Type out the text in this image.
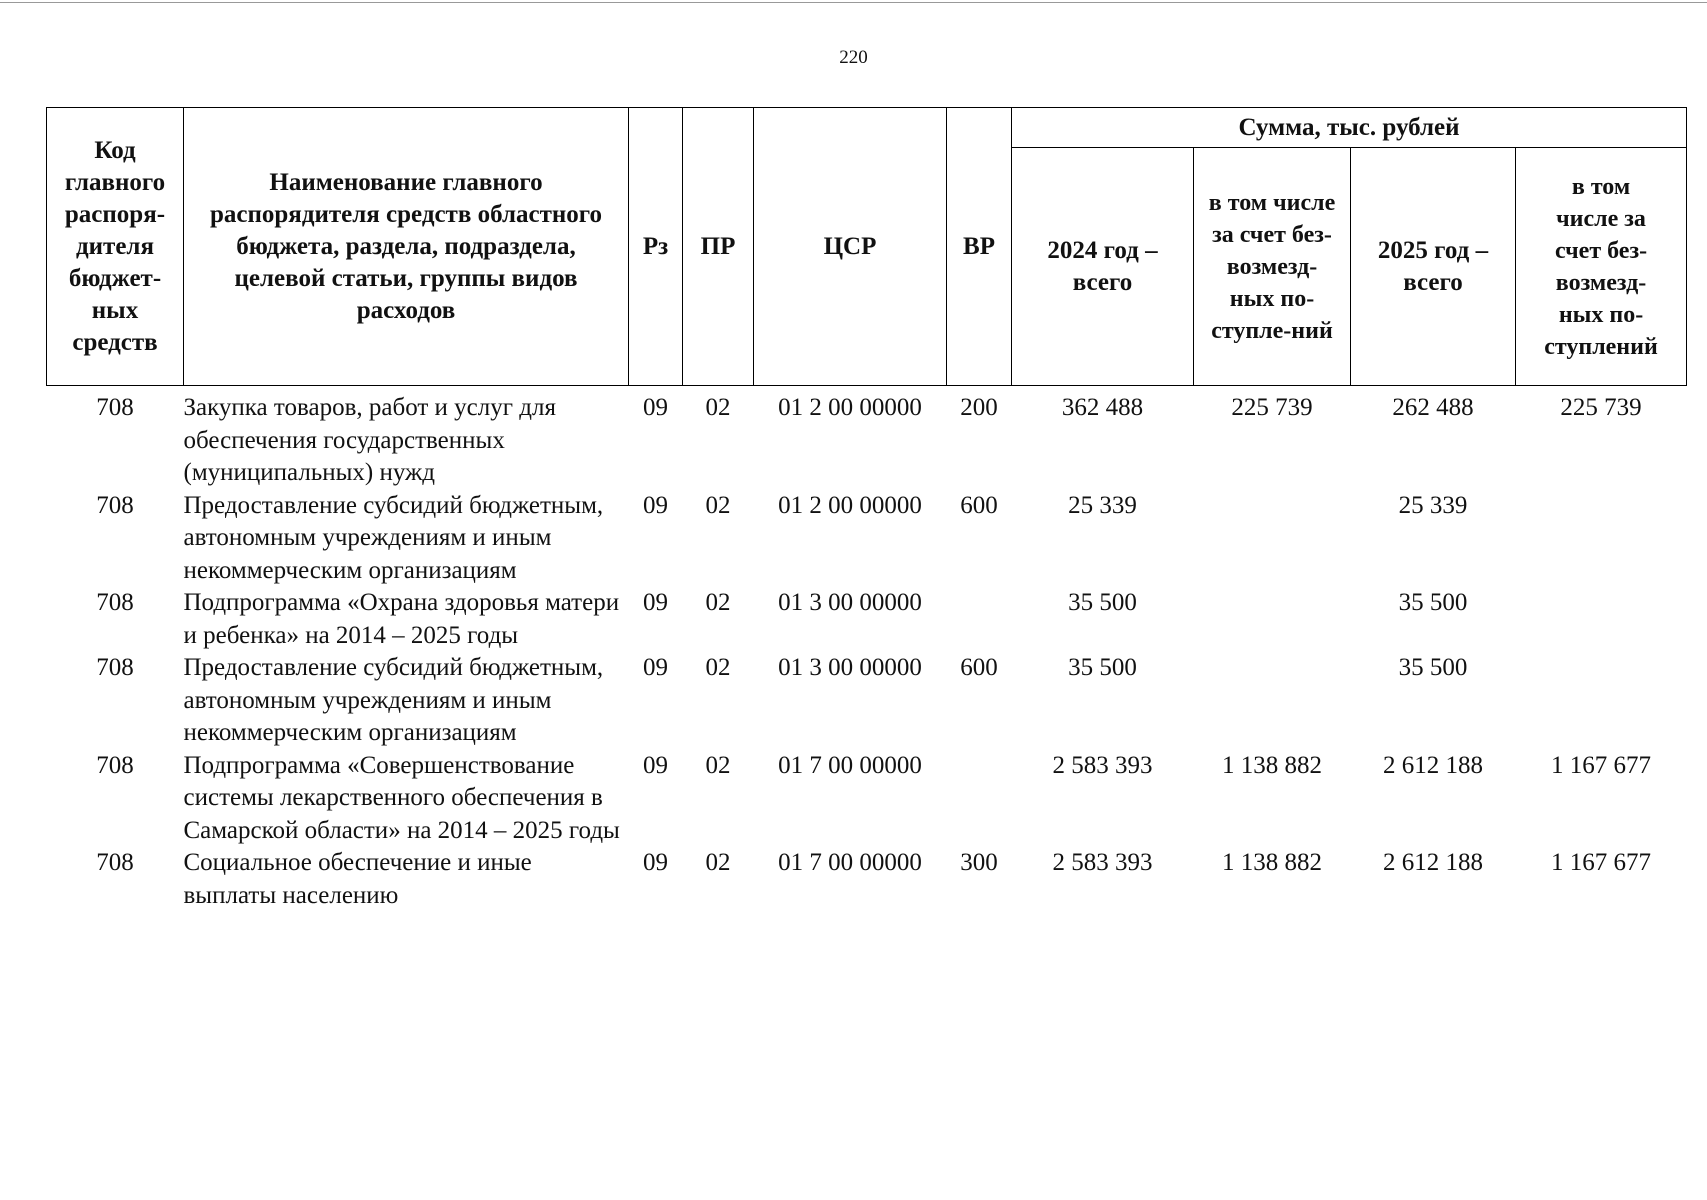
220
Код главного распоря-дителя бюджет-ных средств	Наименование главного распорядителя средств областного бюджета, раздела, подраздела, целевой статьи, группы видов расходов	Рз	ПР	ЦСР	ВР	Сумма, тыс. рублей			
						2024 год – всего	в том числе за счет без-возмезд-ных по-ступле-ний	2025 год – всего	в том числе за счет без-возмезд-ных по-ступлений
708	Закупка товаров, работ и услуг для обеспечения государственных (муниципальных) нужд	09	02	01 2 00 00000	200	362 488	225 739	262 488	225 739
708	Предоставление субсидий бюджетным, автономным учреждениям и иным некоммерческим организациям	09	02	01 2 00 00000	600	25 339		25 339	
708	Подпрограмма «Охрана здоровья матери и ребенка» на 2014 – 2025 годы	09	02	01 3 00 00000		35 500		35 500	
708	Предоставление субсидий бюджетным, автономным учреждениям и иным некоммерческим организациям	09	02	01 3 00 00000	600	35 500		35 500	
708	Подпрограмма «Совершенствование системы лекарственного обеспечения в Самарской области» на 2014 – 2025 годы	09	02	01 7 00 00000		2 583 393	1 138 882	2 612 188	1 167 677
708	Социальное обеспечение и иные выплаты населению	09	02	01 7 00 00000	300	2 583 393	1 138 882	2 612 188	1 167 677
